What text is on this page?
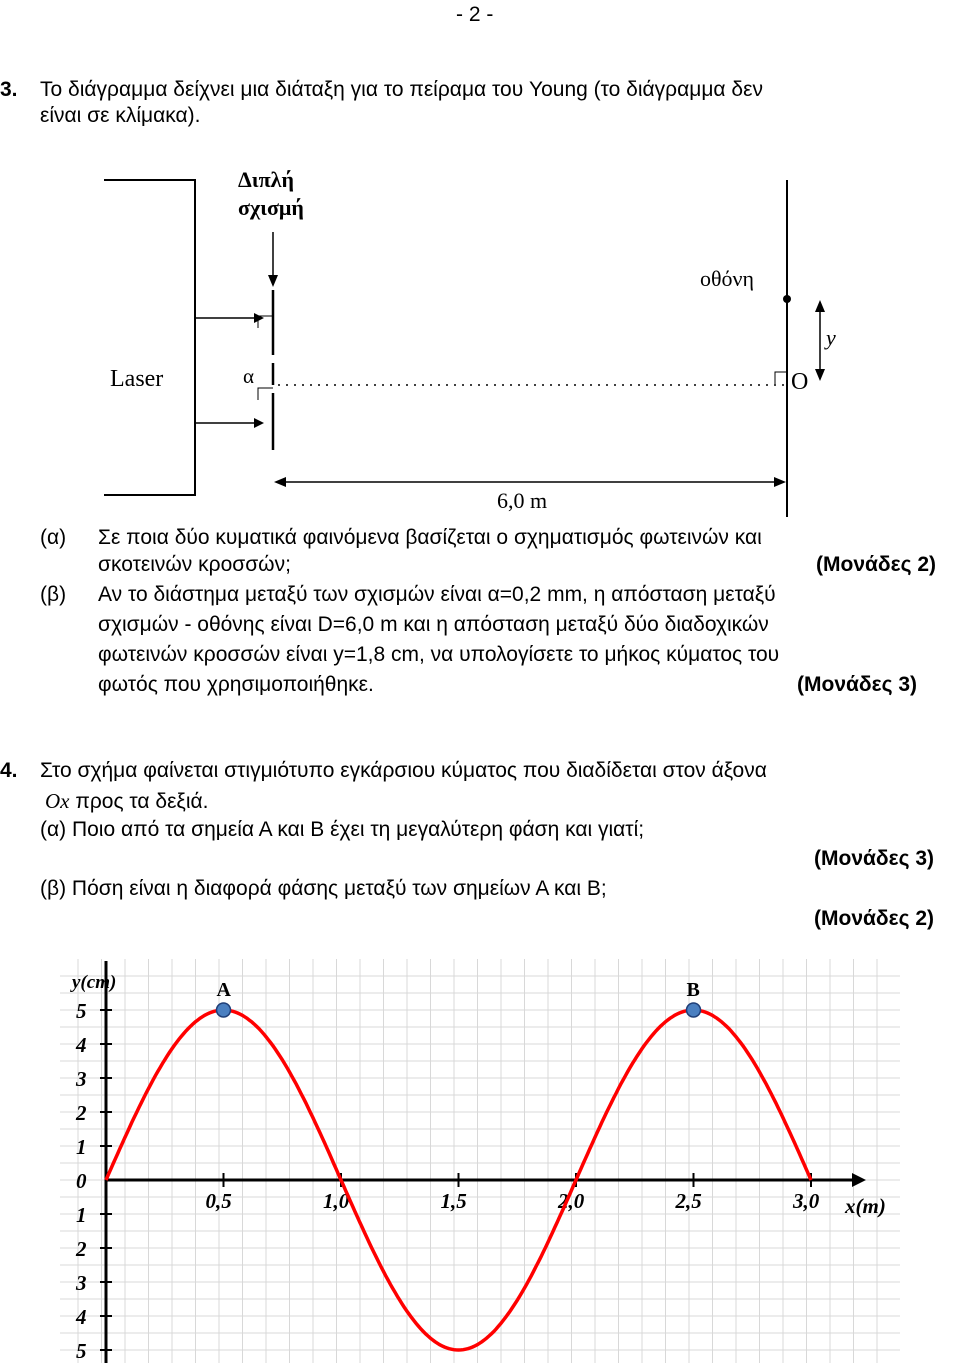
- 2 -
3. Το διάγραμμα δείχνει μια διάταξη για το πείραμα του Young (το διάγραμμα δεν
είναι σε κλίμακα).
Laser
Διπλή
σχισμή
α
οθόνη
O
y
6,0 m
(α) Σε ποια δύο κυματικά φαινόμενα βασίζεται ο σχηματισμός φωτεινών και
σκοτεινών κροσσών;	(Μονάδες 2)
(β) Αν το διάστημα μεταξύ των σχισμών είναι α=0,2 mm, η απόσταση μεταξύ
σχισμών - οθόνης είναι D=6,0 m και η απόσταση μεταξύ δύο διαδοχικών
φωτεινών κροσσών είναι y=1,8 cm, να υπολογίσετε το μήκος κύματος του
φωτός που χρησιμοποιήθηκε.	(Μονάδες 3)
4. Στο σχήμα φαίνεται στιγμιότυπο εγκάρσιου κύματος που διαδίδεται στον άξονα
Ox προς τα δεξιά.
(α) Ποιο από τα σημεία Α και Β έχει τη μεγαλύτερη φάση και γιατί;
(Μονάδες 3)
(β) Πόση είναι η διαφορά φάσης μεταξύ των σημείων Α και Β;
(Μονάδες 2)
y(cm)
x(m)
1
2
3
4
5
1
2
3
4
5
0
0,5	1,0	1,5	2,0	2,5	3,0
A	B
